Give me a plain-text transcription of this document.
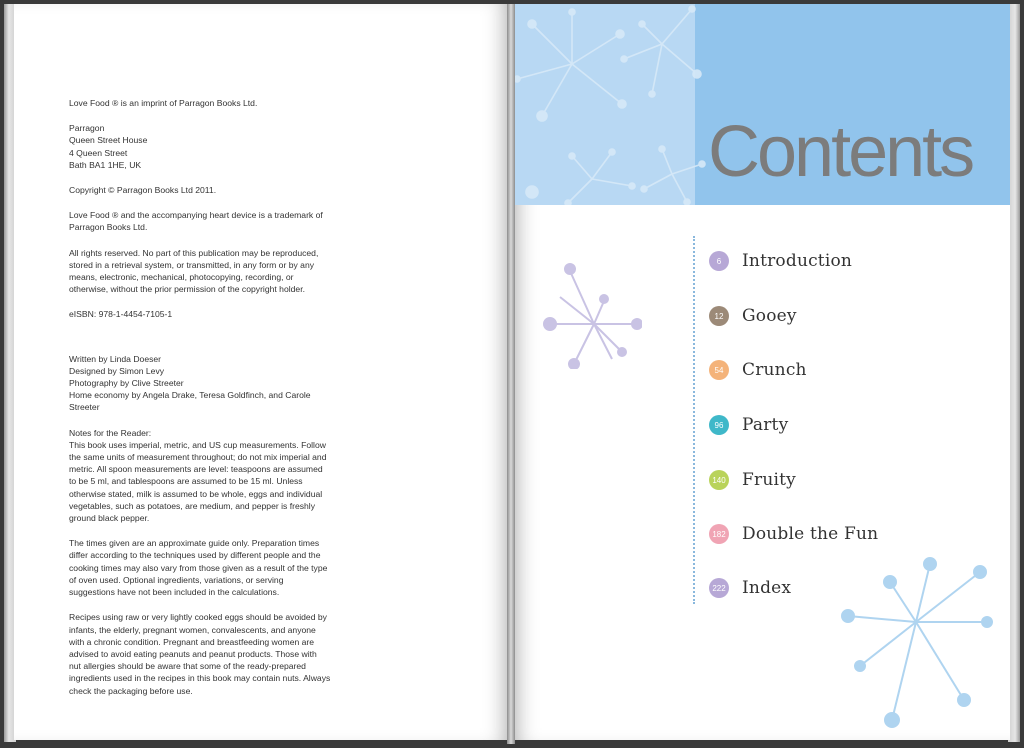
Love Food ® is an imprint of Parragon Books Ltd.

Parragon
Queen Street House
4 Queen Street
Bath BA1 1HE, UK

Copyright © Parragon Books Ltd 2011.

Love Food ® and the accompanying heart device is a trademark of Parragon Books Ltd.

All rights reserved. No part of this publication may be reproduced, stored in a retrieval system, or transmitted, in any form or by any means, electronic, mechanical, photocopying, recording, or otherwise, without the prior permission of the copyright holder.

eISBN: 978-1-4454-7105-1

Written by Linda Doeser
Designed by Simon Levy
Photography by Clive Streeter
Home economy by Angela Drake, Teresa Goldfinch, and Carole Streeter

Notes for the Reader:
This book uses imperial, metric, and US cup measurements. Follow the same units of measurement throughout; do not mix imperial and metric. All spoon measurements are level: teaspoons are assumed to be 5 ml, and tablespoons are assumed to be 15 ml. Unless otherwise stated, milk is assumed to be whole, eggs and individual vegetables, such as potatoes, are medium, and pepper is freshly ground black pepper.

The times given are an approximate guide only. Preparation times differ according to the techniques used by different people and the cooking times may also vary from those given as a result of the type of oven used. Optional ingredients, variations, or serving suggestions have not been included in the calculations.

Recipes using raw or very lightly cooked eggs should be avoided by infants, the elderly, pregnant women, convalescents, and anyone with a chronic condition. Pregnant and breastfeeding women are advised to avoid eating peanuts and peanut products. Those with nut allergies should be aware that some of the ready-prepared ingredients used in the recipes in this book may contain nuts. Always check the packaging before use.

Contents
6	Introduction
12	Gooey
54	Crunch
96	Party
140 Fruity
182 Double the Fun
222 Index
